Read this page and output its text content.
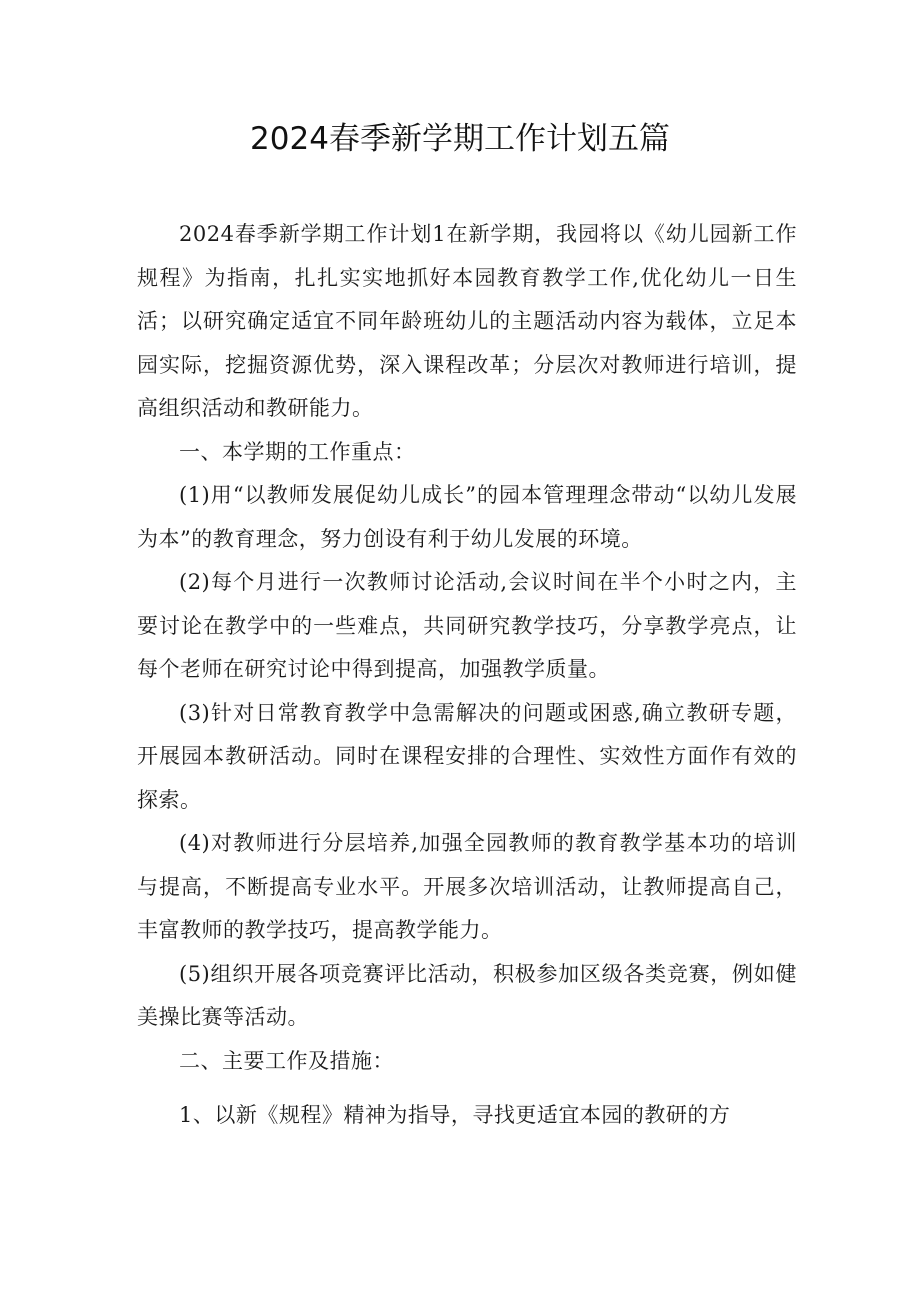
2024春季新学期工作计划五篇

2024春季新学期工作计划1在新学期，我园将以《幼儿园新工作规程》为指南，扎扎实实地抓好本园教育教学工作,优化幼儿一日生活；以研究确定适宜不同年龄班幼儿的主题活动内容为载体，立足本园实际，挖掘资源优势，深入课程改革；分层次对教师进行培训，提高组织活动和教研能力。

一、本学期的工作重点：

(1)用“以教师发展促幼儿成长”的园本管理理念带动“以幼儿发展为本”的教育理念，努力创设有利于幼儿发展的环境。

(2)每个月进行一次教师讨论活动,会议时间在半个小时之内，主要讨论在教学中的一些难点，共同研究教学技巧，分享教学亮点，让每个老师在研究讨论中得到提高，加强教学质量。

(3)针对日常教育教学中急需解决的问题或困惑,确立教研专题，开展园本教研活动。同时在课程安排的合理性、实效性方面作有效的探索。

(4)对教师进行分层培养,加强全园教师的教育教学基本功的培训与提高，不断提高专业水平。开展多次培训活动，让教师提高自己，丰富教师的教学技巧，提高教学能力。

(5)组织开展各项竞赛评比活动，积极参加区级各类竞赛，例如健美操比赛等活动。

二、主要工作及措施：

1、以新《规程》精神为指导，寻找更适宜本园的教研的方
